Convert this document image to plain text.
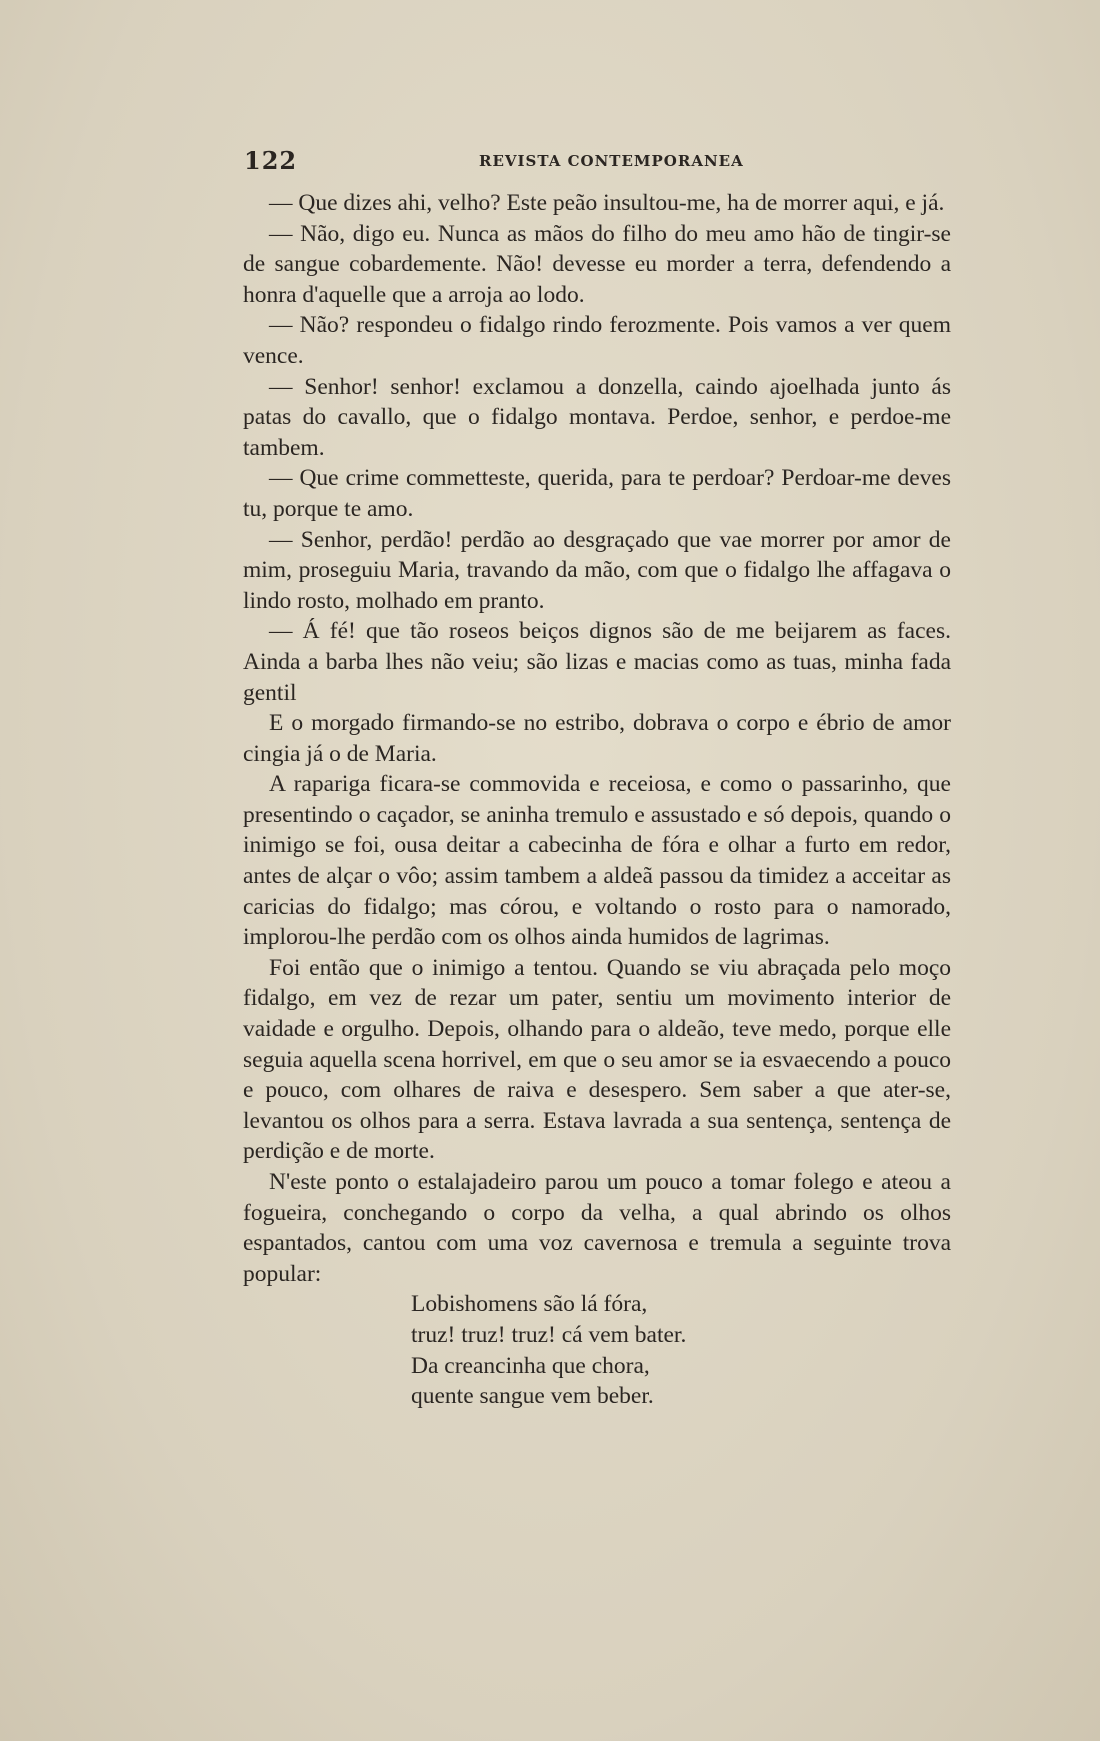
122	REVISTA CONTEMPORANEA

— Que dizes ahi, velho? Este peão insultou-me, ha de morrer aqui, e já.

— Não, digo eu. Nunca as mãos do filho do meu amo hão de tingir-se de sangue cobardemente. Não! devesse eu morder a terra, defendendo a honra d'aquelle que a arroja ao lodo.

— Não? respondeu o fidalgo rindo ferozmente. Pois vamos a ver quem vence.

— Senhor! senhor! exclamou a donzella, caindo ajoelhada junto ás patas do cavallo, que o fidalgo montava. Perdoe, senhor, e perdoe-me tambem.

— Que crime commetteste, querida, para te perdoar? Perdoar-me deves tu, porque te amo.

— Senhor, perdão! perdão ao desgraçado que vae morrer por amor de mim, proseguiu Maria, travando da mão, com que o fidalgo lhe affagava o lindo rosto, molhado em pranto.

— Á fé! que tão roseos beiços dignos são de me beijarem as faces. Ainda a barba lhes não veiu; são lizas e macias como as tuas, minha fada gentil

E o morgado firmando-se no estribo, dobrava o corpo e ébrio de amor cingia já o de Maria.

A rapariga ficara-se commovida e receiosa, e como o passarinho, que presentindo o caçador, se aninha tremulo e assustado e só depois, quando o inimigo se foi, ousa deitar a cabecinha de fóra e olhar a furto em redor, antes de alçar o vôo; assim tambem a aldeã passou da timidez a acceitar as caricias do fidalgo; mas córou, e voltando o rosto para o namorado, implorou-lhe perdão com os olhos ainda humidos de lagrimas.

Foi então que o inimigo a tentou. Quando se viu abraçada pelo moço fidalgo, em vez de rezar um pater, sentiu um movimento interior de vaidade e orgulho. Depois, olhando para o aldeão, teve medo, porque elle seguia aquella scena horrivel, em que o seu amor se ia esvaecendo a pouco e pouco, com olhares de raiva e desespero. Sem saber a que ater-se, levantou os olhos para a serra. Estava lavrada a sua sentença, sentença de perdição e de morte.

N'este ponto o estalajadeiro parou um pouco a tomar folego e ateou a fogueira, conchegando o corpo da velha, a qual abrindo os olhos espantados, cantou com uma voz cavernosa e tremula a seguinte trova popular:

Lobishomens são lá fóra,
truz! truz! truz! cá vem bater.
Da creancinha que chora,
quente sangue vem beber.
